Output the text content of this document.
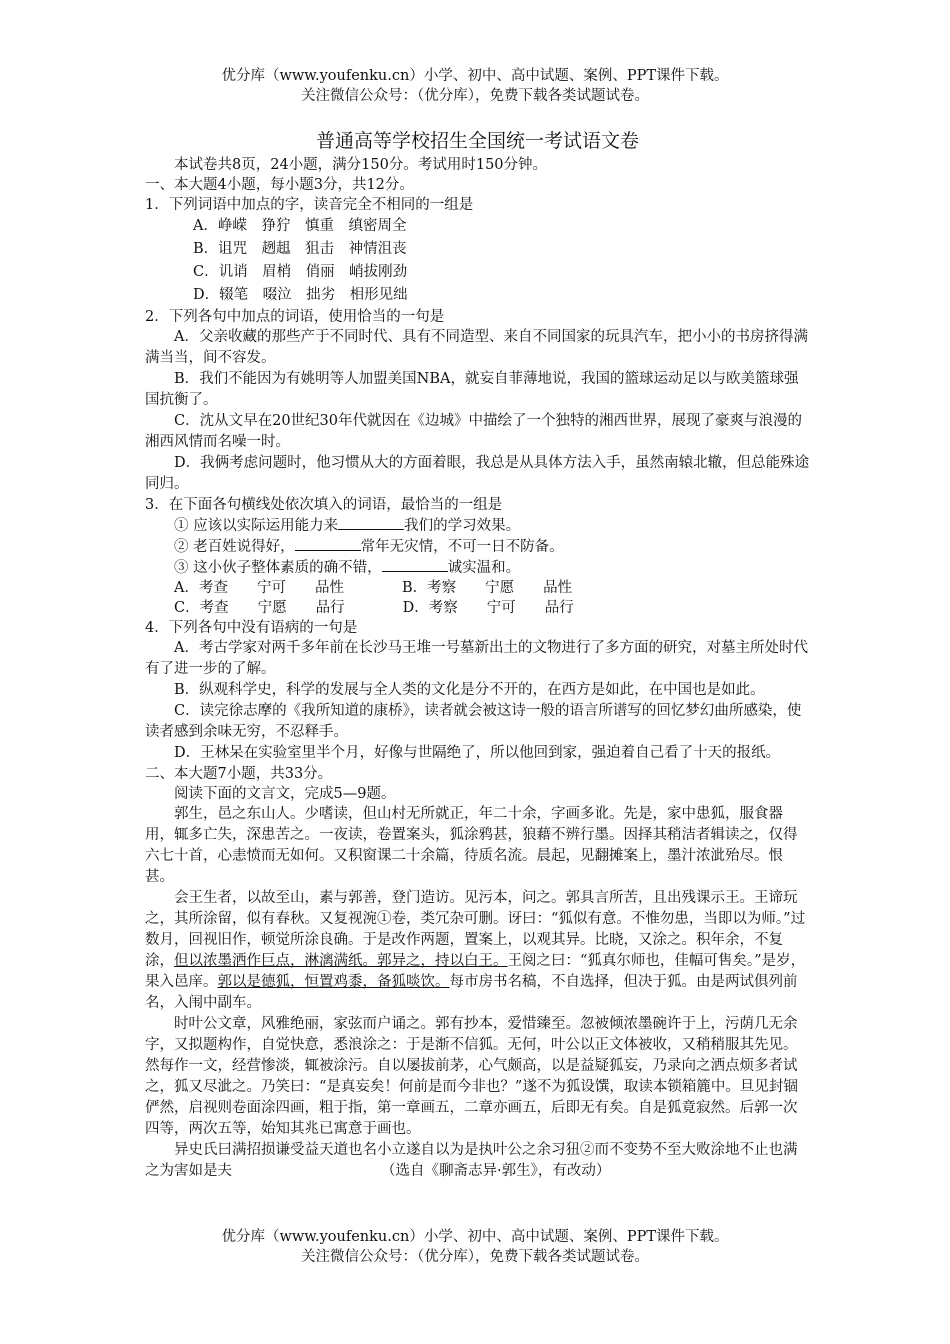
优分库（www.youfenku.cn）小学、初中、高中试题、案例、PPT课件下载。
关注微信公众号：（优分库），免费下载各类试题试卷。
普通高等学校招生全国统一考试语文卷

本试卷共8页，24小题，满分150分。考试用时150分钟。

一、本大题4小题，每小题3分，共12分。

1．下列词语中加点的字，读音完全不相同的一组是

A．峥嵘　狰狞　慎重　缜密周全

B．诅咒　趔趄　狙击　神情沮丧

C．讥诮　眉梢　俏丽　峭拔刚劲

D．辍笔　啜泣　拙劣　相形见绌

2．下列各句中加点的词语，使用恰当的一句是

A．父亲收藏的那些产于不同时代、具有不同造型、来自不同国家的玩具汽车，把小小的书房挤得满满当当，间不容发。

B．我们不能因为有姚明等人加盟美国NBA，就妄自菲薄地说，我国的篮球运动足以与欧美篮球强国抗衡了。

C．沈从文早在20世纪30年代就因在《边城》中描绘了一个独特的湘西世界，展现了豪爽与浪漫的湘西风情而名噪一时。

D．我俩考虑问题时，他习惯从大的方面着眼，我总是从具体方法入手，虽然南辕北辙，但总能殊途同归。

3．在下面各句横线处依次填入的词语，最恰当的一组是

① 应该以实际运用能力来	我们的学习效果。

② 老百姓说得好，	常年无灾情，不可一日不防备。

③ 这小伙子整体素质的确不错，	诚实温和。

A．考查　　宁可　　品性　　　　B．考察　　宁愿　　品性

C．考查　　宁愿　　品行　　　　D．考察　　宁可　　品行

4．下列各句中没有语病的一句是

A．考古学家对两千多年前在长沙马王堆一号墓新出土的文物进行了多方面的研究，对墓主所处时代有了进一步的了解。

B．纵观科学史，科学的发展与全人类的文化是分不开的，在西方是如此，在中国也是如此。

C．读完徐志摩的《我所知道的康桥》，读者就会被这诗一般的语言所谱写的回忆梦幻曲所感染，使读者感到余味无穷，不忍释手。

D．王林呆在实验室里半个月，好像与世隔绝了，所以他回到家，强迫着自己看了十天的报纸。

二、本大题7小题，共33分。

阅读下面的文言文，完成5—9题。

郭生，邑之东山人。少嗜读，但山村无所就正，年二十余，字画多讹。先是，家中患狐，服食器用，辄多亡失，深患苦之。一夜读，卷置案头，狐涂鸦甚，狼藉不辨行墨。因择其稍洁者辑读之，仅得六七十首，心恚愤而无如何。又积窗课二十余篇，待质名流。晨起，见翻摊案上，墨汁浓泚殆尽。恨甚。

会王生者，以故至山，素与郭善，登门造访。见污本，问之。郭具言所苦，且出残课示王。王谛玩之，其所涂留，似有春秋。又复视涴①卷，类冗杂可删。讶曰：“狐似有意。不惟勿患，当即以为师。”过数月，回视旧作，顿觉所涂良确。于是改作两题，置案上，以观其异。比晓，又涂之。积年余，不复涂，但以浓墨洒作巨点，淋漓满纸。郭异之，持以白王。王阅之曰：“狐真尔师也，佳幅可售矣。”是岁，果入邑庠。郭以是德狐，恒置鸡黍，备狐啖饮。每市房书名稿，不自选择，但决于狐。由是两试俱列前名，入闱中副车。

时叶公文章，风雅绝丽，家弦而户诵之。郭有抄本，爱惜臻至。忽被倾浓墨碗许于上，污荫几无余字，又拟题构作，自觉快意，悉浪涂之：于是渐不信狐。无何，叶公以正文体被收，又稍稍服其先见。然每作一文，经营惨淡，辄被涂污。自以屡拔前茅，心气颇高，以是益疑狐妄，乃录向之洒点烦多者试之，狐又尽泚之。乃笑曰：“是真妄矣！何前是而今非也？”遂不为狐设馔，取读本锁箱簏中。旦见封锢俨然，启视则卷面涂四画，粗于指，第一章画五，二章亦画五，后即无有矣。自是狐竟寂然。后郭一次四等，两次五等，始知其兆已寓意于画也。

异史氏曰满招损谦受益天道也名小立遂自以为是执叶公之余习狃②而不变势不至大败涂地不止也满之为害如是夫	（选自《聊斋志异·郭生》，有改动）

优分库（www.youfenku.cn）小学、初中、高中试题、案例、PPT课件下载。
关注微信公众号：（优分库），免费下载各类试题试卷。
